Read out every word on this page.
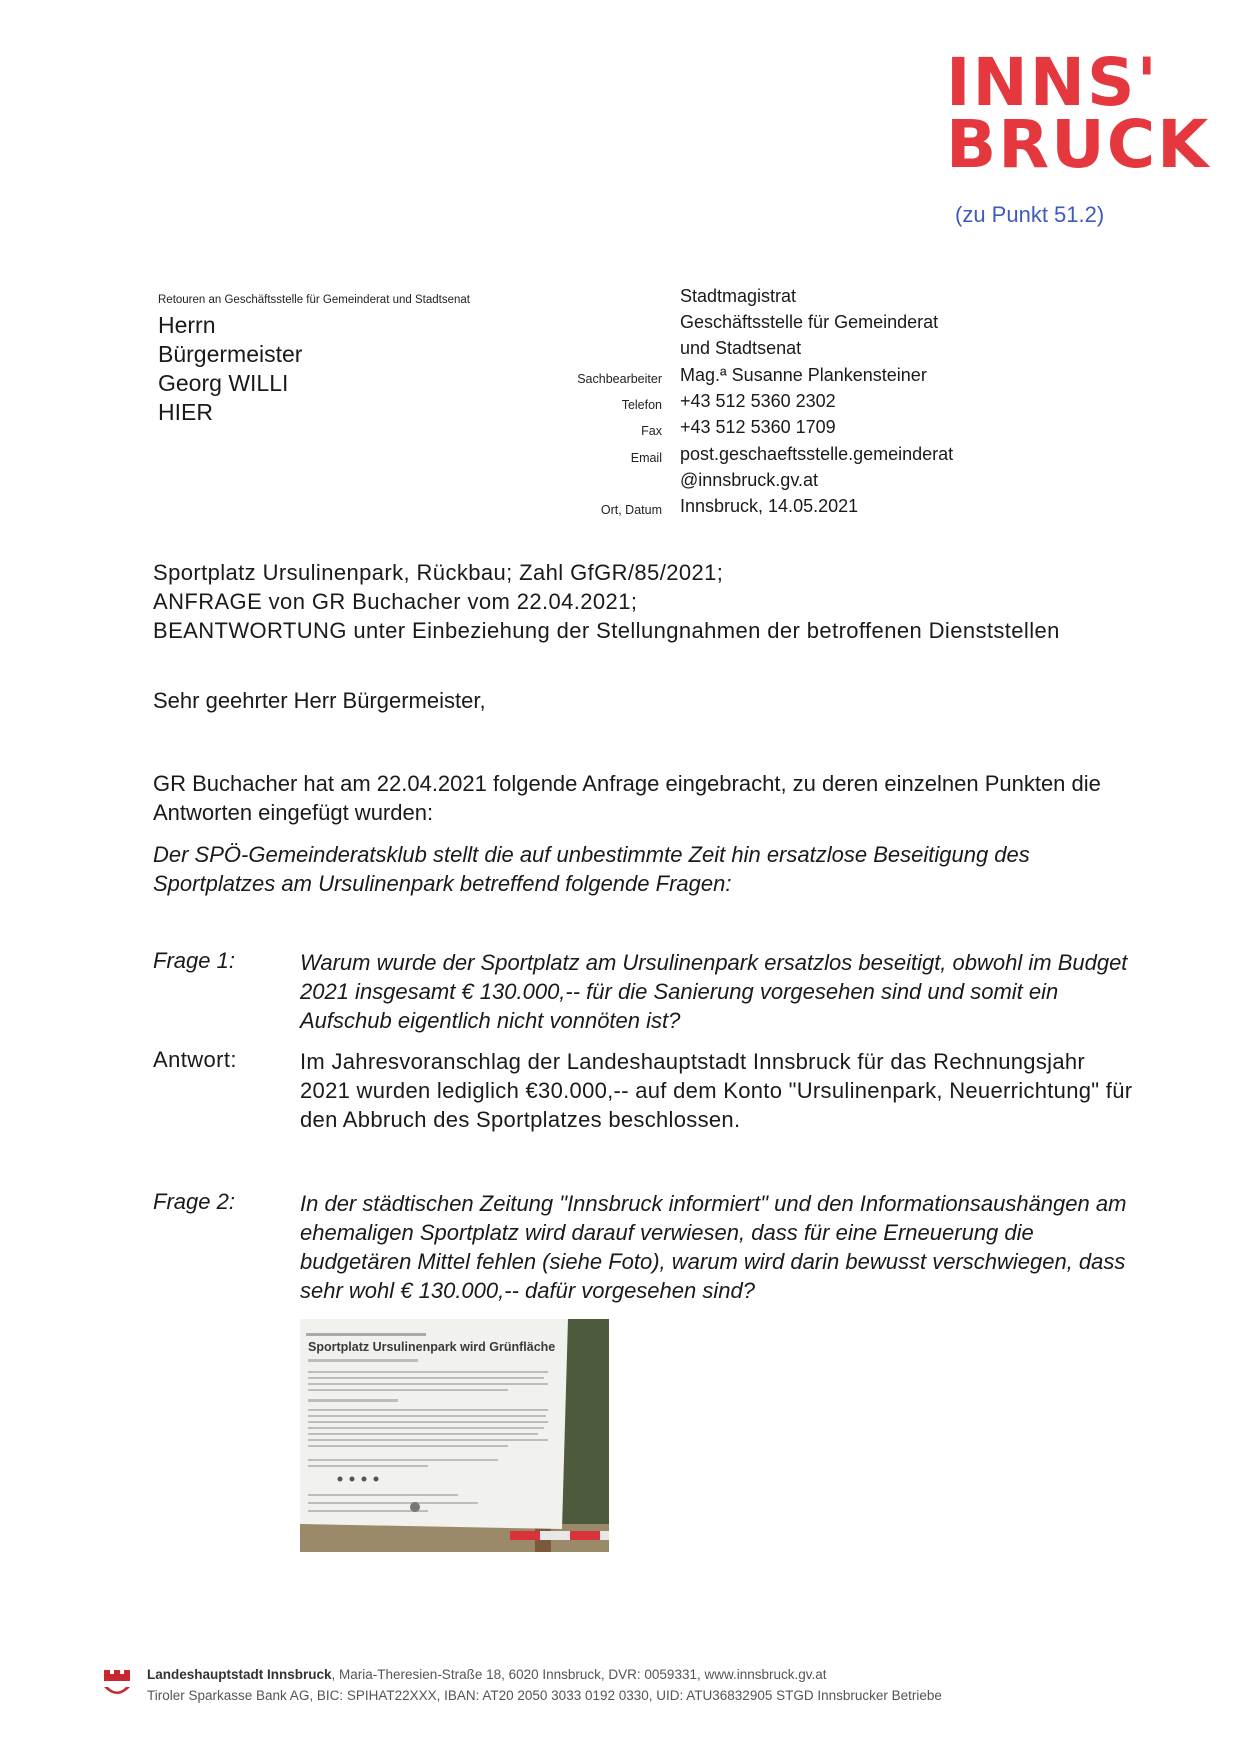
INNS'
BRUCK
(zu Punkt 51.2)
Retouren an Geschäftsstelle für Gemeinderat und Stadtsenat
Herrn
Bürgermeister
Georg WILLI
HIER
Stadtmagistrat
Geschäftsstelle für Gemeinderat
und Stadtsenat
Sachbearbeiter Mag.ª Susanne Plankensteiner
Telefon +43 512 5360 2302
Fax +43 512 5360 1709
Email post.geschaeftsstelle.gemeinderat
@innsbruck.gv.at
Ort, Datum Innsbruck, 14.05.2021
Sportplatz Ursulinenpark, Rückbau; Zahl GfGR/85/2021;
ANFRAGE von GR Buchacher vom 22.04.2021;
BEANTWORTUNG unter Einbeziehung der Stellungnahmen der betroffenen Dienststellen
Sehr geehrter Herr Bürgermeister,
GR Buchacher hat am 22.04.2021 folgende Anfrage eingebracht, zu deren einzelnen Punkten die Antworten eingefügt wurden:
Der SPÖ-Gemeinderatsklub stellt die auf unbestimmte Zeit hin ersatzlose Beseitigung des Sportplatzes am Ursulinenpark betreffend folgende Fragen:
Frage 1:	Warum wurde der Sportplatz am Ursulinenpark ersatzlos beseitigt, obwohl im Budget 2021 insgesamt € 130.000,-- für die Sanierung vorgesehen sind und somit ein Aufschub eigentlich nicht vonnöten ist?
Antwort:	Im Jahresvoranschlag der Landeshauptstadt Innsbruck für das Rechnungsjahr 2021 wurden lediglich €30.000,-- auf dem Konto "Ursulinenpark, Neuerrichtung" für den Abbruch des Sportplatzes beschlossen.
Frage 2:	In der städtischen Zeitung "Innsbruck informiert" und den Informationsaushängen am ehemaligen Sportplatz wird darauf verwiesen, dass für eine Erneuerung die budgetären Mittel fehlen (siehe Foto), warum wird darin bewusst verschwiegen, dass sehr wohl € 130.000,-- dafür vorgesehen sind?
Sportplatz Ursulinenpark wird Grünfläche
Landeshauptstadt Innsbruck, Maria-Theresien-Straße 18, 6020 Innsbruck, DVR: 0059331, www.innsbruck.gv.at
Tiroler Sparkasse Bank AG, BIC: SPIHAT22XXX, IBAN: AT20 2050 3033 0192 0330, UID: ATU36832905 STGD Innsbrucker Betriebe
